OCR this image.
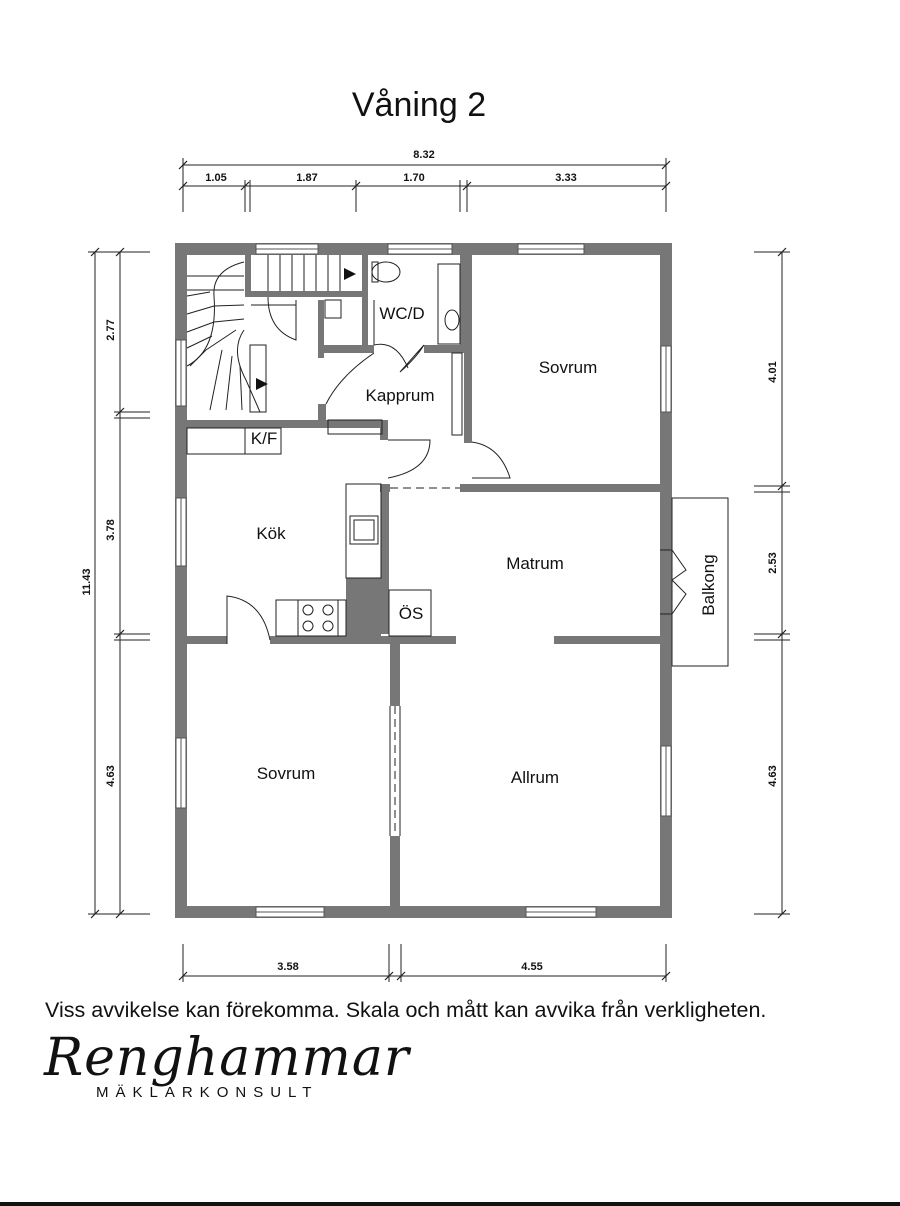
Våning 2
8.32
1.05	1.87	1.70	3.33
11.43
2.77
3.78
4.63
4.01
2.53
4.63
3.58	4.55
WC/D
Sovrum
Kapprum
K/F
Kök
Matrum	Balkong
ÖS
Sovrum	Allrum
Viss avvikelse kan förekomma. Skala och mått kan avvika från verkligheten.
Renghammar
MÄKLARKONSULT
